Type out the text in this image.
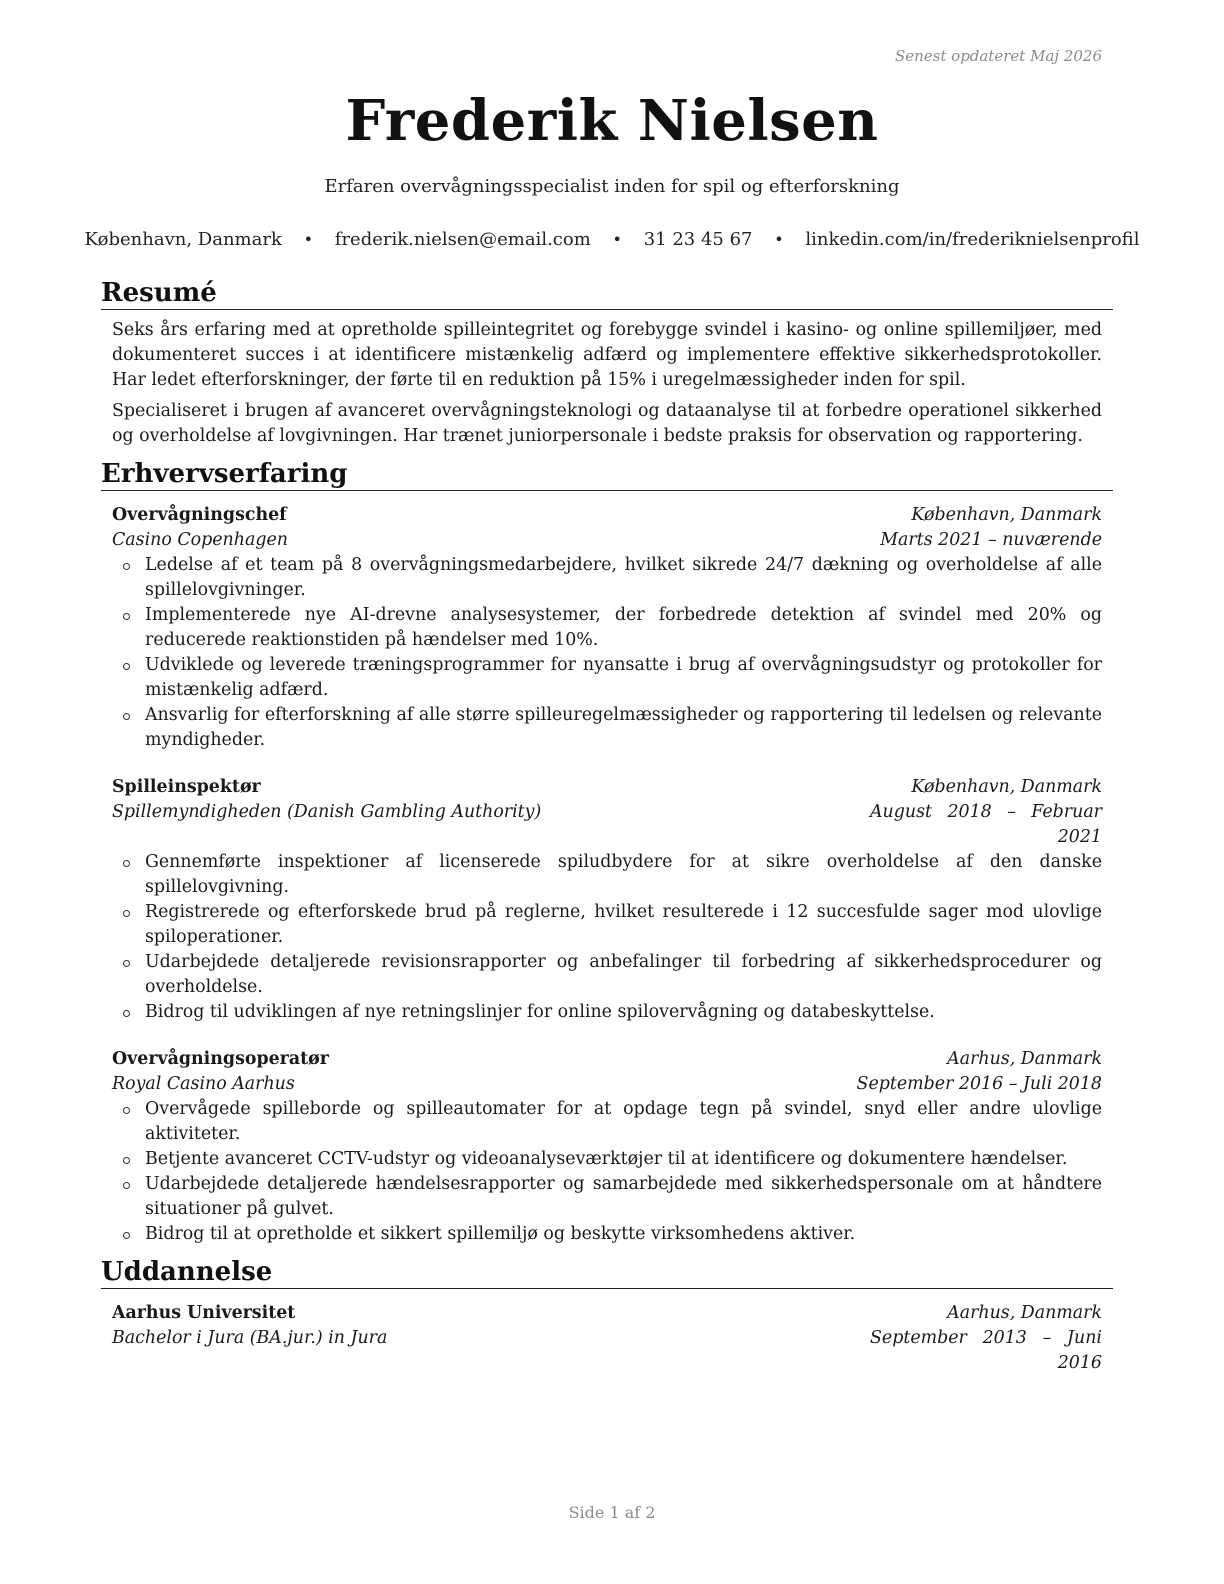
Senest opdateret Maj 2026
Frederik Nielsen
Erfaren overvågningsspecialist inden for spil og efterforskning
København, Danmark • frederik.nielsen@email.com • 31 23 45 67 • linkedin.com/in/frederiknielsenprofil
Resumé

Seks års erfaring med at opretholde spilleintegritet og forebygge svindel i kasino- og online spillemiljøer, med dokumenteret succes i at identificere mistænkelig adfærd og implementere effektive sikkerhedsprotokoller. Har ledet efterforskninger, der førte til en reduktion på 15% i uregelmæssigheder inden for spil.

Specialiseret i brugen af avanceret overvågningsteknologi og dataanalyse til at forbedre operationel sikkerhed og overholdelse af lovgivningen. Har trænet juniorpersonale i bedste praksis for observation og rapportering.

Erhvervserfaring
Overvågningschef	København, Danmark
Casino Copenhagen	Marts 2021 – nuværende
Ledelse af et team på 8 overvågningsmedarbejdere, hvilket sikrede 24/7 dækning og overholdelse af alle spillelovgivninger.
Implementerede nye AI-drevne analysesystemer, der forbedrede detektion af svindel med 20% og reducerede reaktionstiden på hændelser med 10%.
Udviklede og leverede træningsprogrammer for nyansatte i brug af overvågningsudstyr og protokoller for mistænkelig adfærd.
Ansvarlig for efterforskning af alle større spilleuregelmæssigheder og rapportering til ledelsen og relevante myndigheder.
Spilleinspektør	København, Danmark
Spillemyndigheden (Danish Gambling Authority)	August 2018 – Februar 2021
Gennemførte inspektioner af licenserede spiludbydere for at sikre overholdelse af den danske spillelovgivning.
Registrerede og efterforskede brud på reglerne, hvilket resulterede i 12 succesfulde sager mod ulovlige spiloperationer.
Udarbejdede detaljerede revisionsrapporter og anbefalinger til forbedring af sikkerhedsprocedurer og overholdelse.
Bidrog til udviklingen af nye retningslinjer for online spilovervågning og databeskyttelse.
Overvågningsoperatør	Aarhus, Danmark
Royal Casino Aarhus	September 2016 – Juli 2018
Overvågede spilleborde og spilleautomater for at opdage tegn på svindel, snyd eller andre ulovlige aktiviteter.
Betjente avanceret CCTV-udstyr og videoanalyseværktøjer til at identificere og dokumentere hændelser.
Udarbejdede detaljerede hændelsesrapporter og samarbejdede med sikkerhedspersonale om at håndtere situationer på gulvet.
Bidrog til at opretholde et sikkert spillemiljø og beskytte virksomhedens aktiver.
Uddannelse
Aarhus Universitet	Aarhus, Danmark
Bachelor i Jura (BA.jur.) in Jura	September 2013 – Juni 2016
Side 1 af 2
